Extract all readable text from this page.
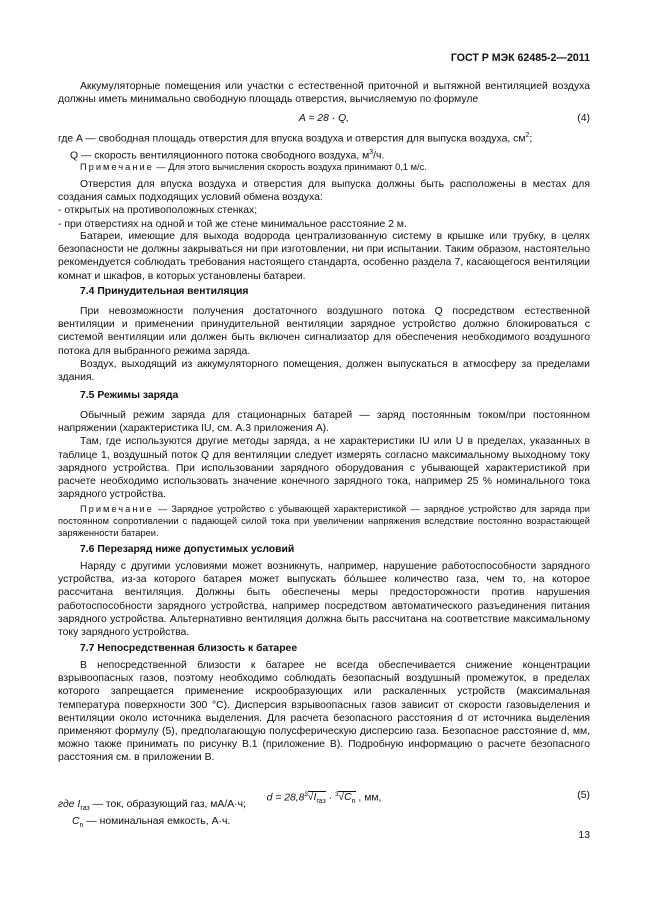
ГОСТ Р МЭК 62485-2—2011

Аккумуляторные помещения или участки с естественной приточной и вытяжной вентиляцией воздуха должны иметь минимально свободную площадь отверстия, вычисляемую по формуле

A = 28 · Q,	(4)

где A — свободная площадь отверстия для впуска воздуха и отверстия для выпуска воздуха, $см^2$;

Q — скорость вентиляционного потока свободного воздуха, $м^3/ч$.

Примечание — Для этого вычисления скорость воздуха принимают 0,1 м/с.

Отверстия для впуска воздуха и отверстия для выпуска должны быть расположены в местах для создания самых подходящих условий обмена воздуха:

- открытых на противоположных стенках;

- при отверстиях на одной и той же стене минимальное расстояние 2 м.

Батареи, имеющие для выхода водорода централизованную систему в крышке или трубку, в целях безопасности не должны закрываться ни при изготовлении, ни при испытании. Таким образом, настоятельно рекомендуется соблюдать требования настоящего стандарта, особенно раздела 7, касающегося вентиляции комнат и шкафов, в которых установлены батареи.

7.4 Принудительная вентиляция

При невозможности получения достаточного воздушного потока Q посредством естественной вентиляции и применении принудительной вентиляции зарядное устройство должно блокироваться с системой вентиляции или должен быть включен сигнализатор для обеспечения необходимого воздушного потока для выбранного режима заряда.

Воздух, выходящий из аккумуляторного помещения, должен выпускаться в атмосферу за пределами здания.

7.5 Режимы заряда

Обычный режим заряда для стационарных батарей — заряд постоянным током/при постоянном напряжении (характеристика IU, см. А.3 приложения А).

Там, где используются другие методы заряда, а не характеристики IU или U в пределах, указанных в таблице 1, воздушный поток Q для вентиляции следует измерять согласно максимальному выходному току зарядного устройства. При использовании зарядного оборудования с убывающей характеристикой при расчете необходимо использовать значение конечного зарядного тока, например 25 % номинального тока зарядного устройства.

Примечание — Зарядное устройство с убывающей характеристикой — зарядное устройство для заряда при постоянном сопротивлении с падающей силой тока при увеличении напряжения вследствие постоянно возрастающей заряженности батареи.

7.6 Перезаряд ниже допустимых условий

Наряду с другими условиями может возникнуть, например, нарушение работоспособности зарядного устройства, из-за которого батарея может выпускать бо́льшее количество газа, чем то, на которое рассчитана вентиляция. Должны быть обеспечены меры предосторожности против нарушения работоспособности зарядного устройства, например посредством автоматического разъединения питания зарядного устройства. Альтернативно вентиляция должна быть рассчитана на соответствие максимальному току зарядного устройства.

7.7 Непосредственная близость к батарее

В непосредственной близости к батарее не всегда обеспечивается снижение концентрации взрывоопасных газов, поэтому необходимо соблюдать безопасный воздушный промежуток, в пределах которого запрещается применение искрообразующих или раскаленных устройств (максимальная температура поверхности 300 °С). Дисперсия взрывоопасных газов зависит от скорости газовыделения и вентиляции около источника выделения. Для расчета безопасного расстояния d от источника выделения применяют формулу (5), предполагающую полусферическую дисперсию газа. Безопасное расстояние d, мм, можно также принимать по рисунку В.1 (приложение В). Подробную информацию о расчете безопасного расстояния см. в приложении В.

$d = 28,8^3√I_{газ} \cdot ^3√C_n$ , мм,	(5)

где $I_{газ}$ — ток, образующий газ, мА/А·ч;

$C_n$ — номинальная емкость, А·ч.

13
